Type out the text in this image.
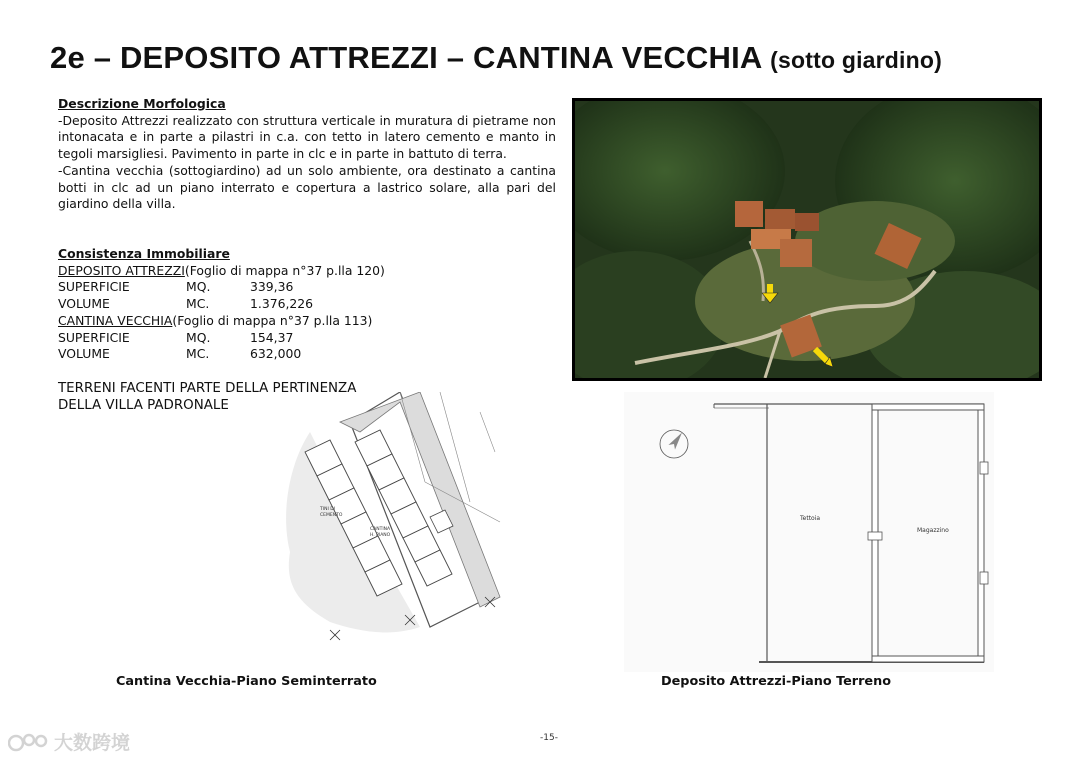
2e – DEPOSITO ATTREZZI – CANTINA VECCHIA (sotto giardino)
Descrizione Morfologica

-Deposito Attrezzi realizzato con struttura verticale in muratura di pietrame non intonacata e in parte a pilastri in c.a. con tetto in latero cemento e manto in tegoli marsigliesi. Pavimento in parte in clc e in parte in battuto di terra.

-Cantina vecchia (sottogiardino) ad un solo ambiente, ora destinato a cantina botti in clc ad un piano interrato e copertura a lastrico solare, alla pari del giardino della villa.

Consistenza Immobiliare
DEPOSITO ATTREZZI (Foglio di mappa n°37 p.lla 120)
SUPERFICIE	MQ.	339,36
VOLUME	MC.	1.376,226
CANTINA VECCHIA (Foglio di mappa n°37 p.lla 113)
SUPERFICIE	MQ.	154,37
VOLUME	MC.	632,000
TERRENI FACENTI PARTE DELLA PERTINENZA
DELLA VILLA PADRONALE
TINI DI CEMENTO
CANTINA H. PIANO
Tettoia
Magazzino
Cantina Vecchia-Piano Seminterrato	Deposito Attrezzi-Piano Terreno
-15-
大数跨境
